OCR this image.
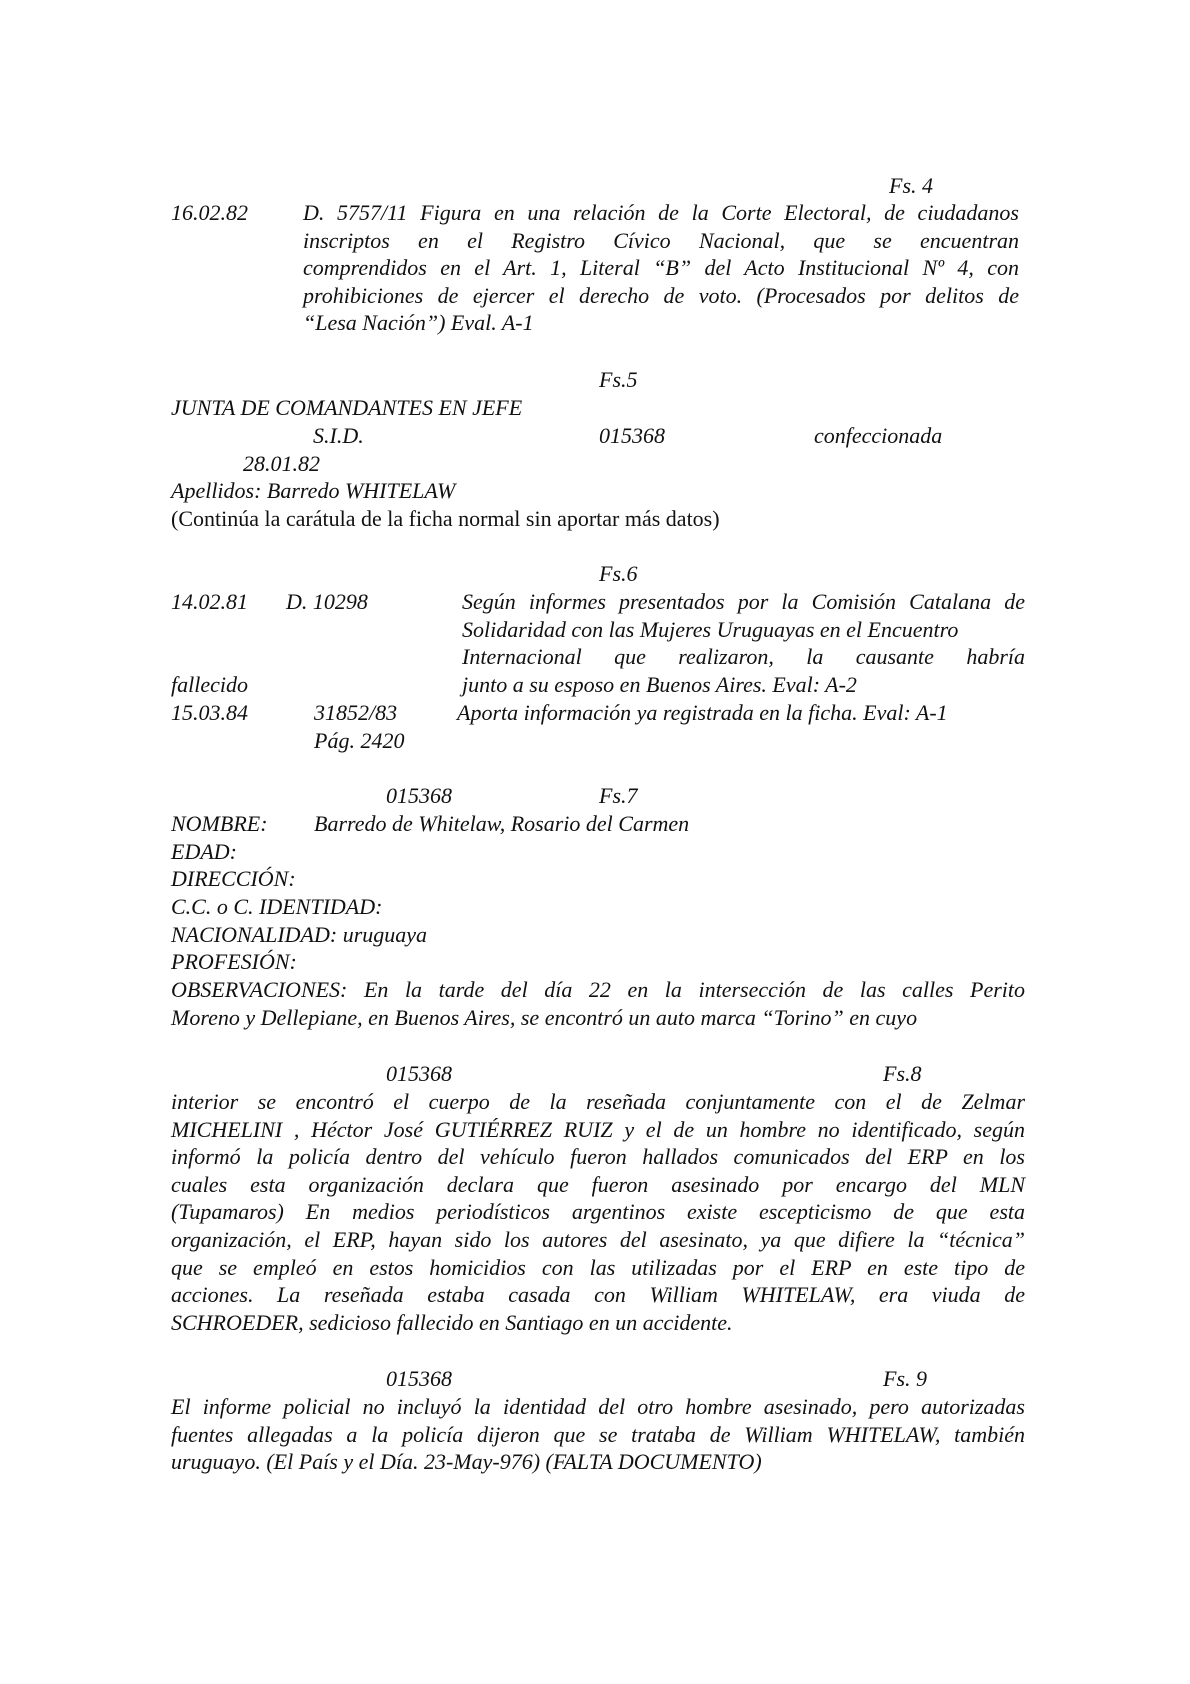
Fs. 4
16.02.82	D. 5757/11 Figura en una relación de la Corte Electoral, de ciudadanos
inscriptos en el Registro Cívico Nacional, que se encuentran
comprendidos en el Art. 1, Literal “B” del Acto Institucional Nº 4, con
prohibiciones de ejercer el derecho de voto. (Procesados por delitos de
“Lesa Nación”) Eval. A-1
Fs.5
JUNTA DE COMANDANTES EN JEFE
S.I.D.	015368	confeccionada
28.01.82
Apellidos: Barredo WHITELAW
(Continúa la carátula de la ficha normal sin aportar más datos)
Fs.6
14.02.81 D. 10298	Según informes presentados por la Comisión Catalana de
Solidaridad con las Mujeres Uruguayas en el Encuentro
Internacional que realizaron, la causante habría
junto a su esposo en Buenos Aires. Eval: A-2
fallecido
15.03.84	31852/83	Aporta información ya registrada en la ficha. Eval: A-1
Pág. 2420
015368	Fs.7
NOMBRE: Barredo de Whitelaw, Rosario del Carmen
EDAD:
DIRECCIÓN:
C.C. o C. IDENTIDAD:
NACIONALIDAD: uruguaya
PROFESIÓN:
OBSERVACIONES: En la tarde del día 22 en la intersección de las calles Perito
Moreno y Dellepiane, en Buenos Aires, se encontró un auto marca “Torino” en cuyo
015368	Fs.8
interior se encontró el cuerpo de la reseñada conjuntamente con el de Zelmar
MICHELINI , Héctor José GUTIÉRREZ RUIZ y el de un hombre no identificado, según
informó la policía dentro del vehículo fueron hallados comunicados del ERP en los
cuales esta organización declara que fueron asesinado por encargo del MLN
(Tupamaros) En medios periodísticos argentinos existe escepticismo de que esta
organización, el ERP, hayan sido los autores del asesinato, ya que difiere la “técnica”
que se empleó en estos homicidios con las utilizadas por el ERP en este tipo de
acciones. La reseñada estaba casada con William WHITELAW, era viuda de
SCHROEDER, sedicioso fallecido en Santiago en un accidente.
015368	Fs. 9
El informe policial no incluyó la identidad del otro hombre asesinado, pero autorizadas
fuentes allegadas a la policía dijeron que se trataba de William WHITELAW, también
uruguayo. (El País y el Día. 23-May-976) (FALTA DOCUMENTO)
